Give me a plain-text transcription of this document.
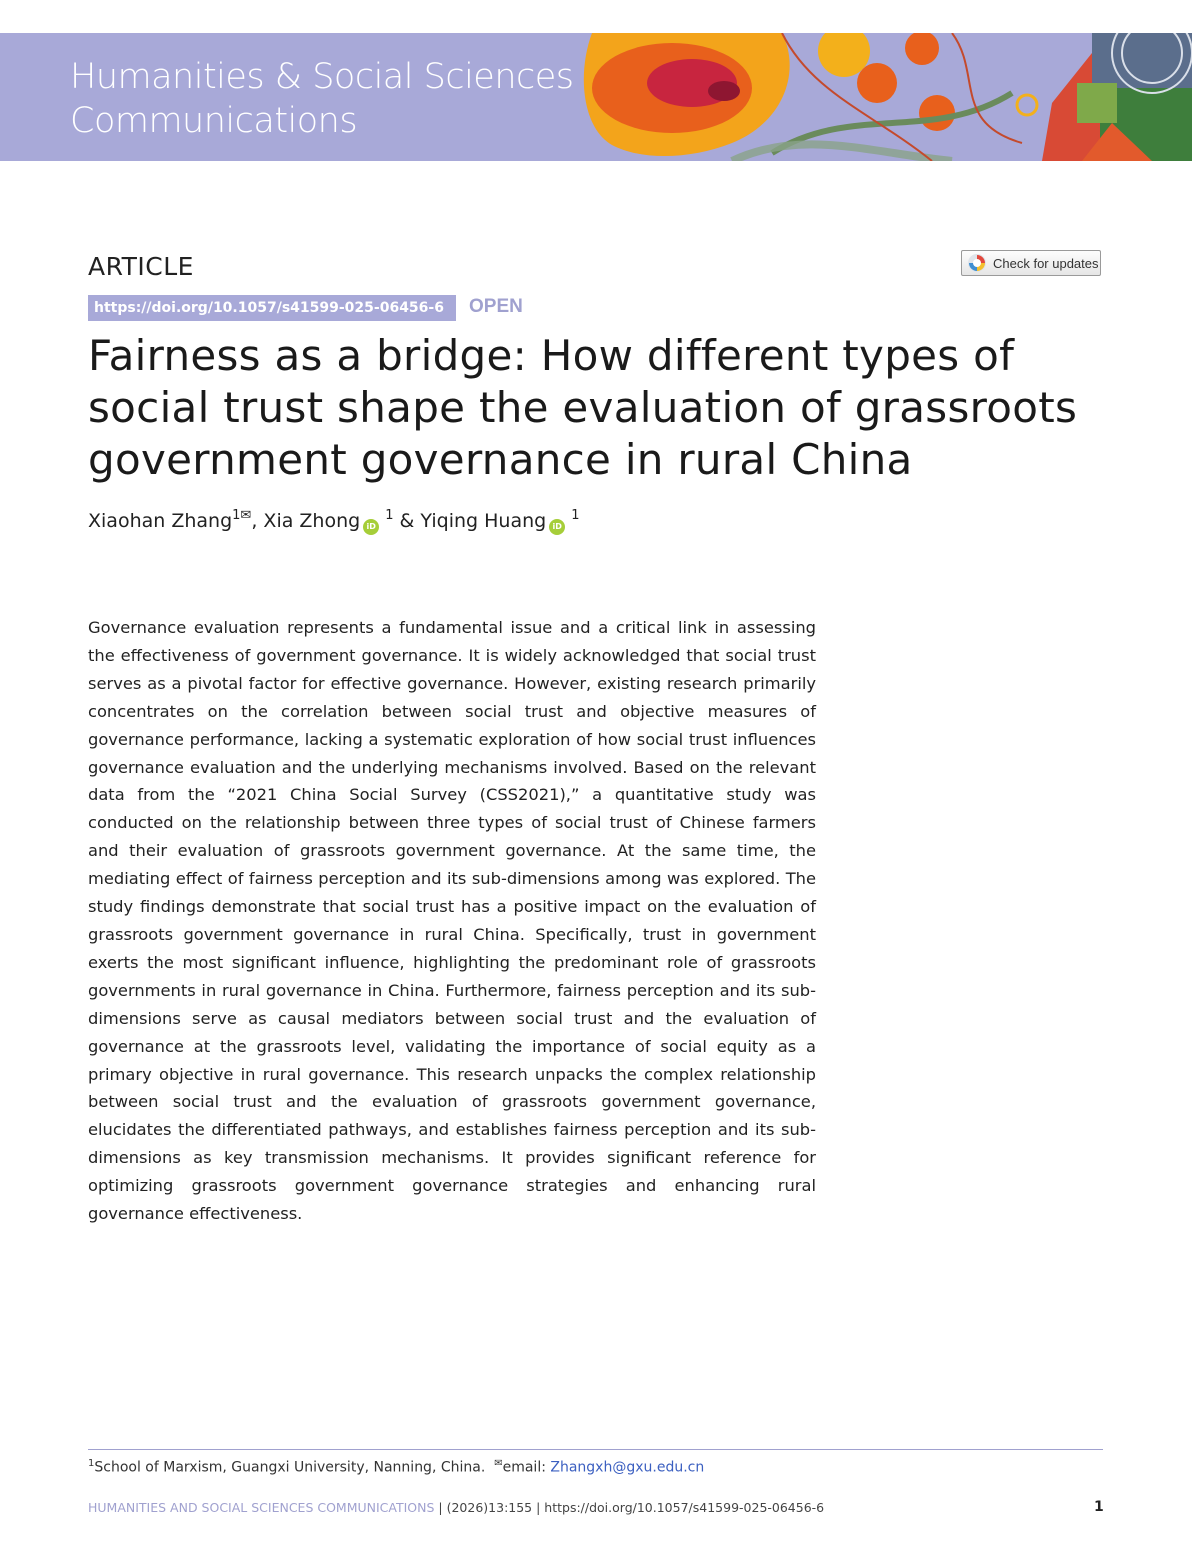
Humanities & Social Sciences
Communications
ARTICLE
https://doi.org/10.1057/s41599-025-06456-6	OPEN
Check for updates
Fairness as a bridge: How different types of social trust shape the evaluation of grassroots government governance in rural China
Xiaohan Zhang$^{1✉}$, Xia Zhong iD $^1$ & Yiqing Huang iD $^1$

Governance evaluation represents a fundamental issue and a critical link in assessing the effectiveness of government governance. It is widely acknowledged that social trust serves as a pivotal factor for effective governance. However, existing research primarily concentrates on the correlation between social trust and objective measures of governance performance, lacking a systematic exploration of how social trust influences governance evaluation and the underlying mechanisms involved. Based on the relevant data from the “2021 China Social Survey (CSS2021),” a quantitative study was conducted on the relationship between three types of social trust of Chinese farmers and their evaluation of grassroots government governance. At the same time, the mediating effect of fairness perception and its sub-dimensions among was explored. The study findings demonstrate that social trust has a positive impact on the evaluation of grassroots government governance in rural China. Specifically, trust in government exerts the most significant influence, highlighting the predominant role of grassroots governments in rural governance in China. Furthermore, fairness perception and its sub-dimensions serve as causal mediators between social trust and the evaluation of governance at the grassroots level, validating the importance of social equity as a primary objective in rural governance. This research unpacks the complex relationship between social trust and the evaluation of grassroots government governance, elucidates the differentiated pathways, and establishes fairness perception and its sub-dimensions as key transmission mechanisms. It provides significant reference for optimizing grassroots government governance strategies and enhancing rural governance effectiveness.

$^1$School of Marxism, Guangxi University, Nanning, China. ✉email: Zhangxh@gxu.edu.cn
HUMANITIES AND SOCIAL SCIENCES COMMUNICATIONS | (2026)13:155 | https://doi.org/10.1057/s41599-025-06456-6	1
